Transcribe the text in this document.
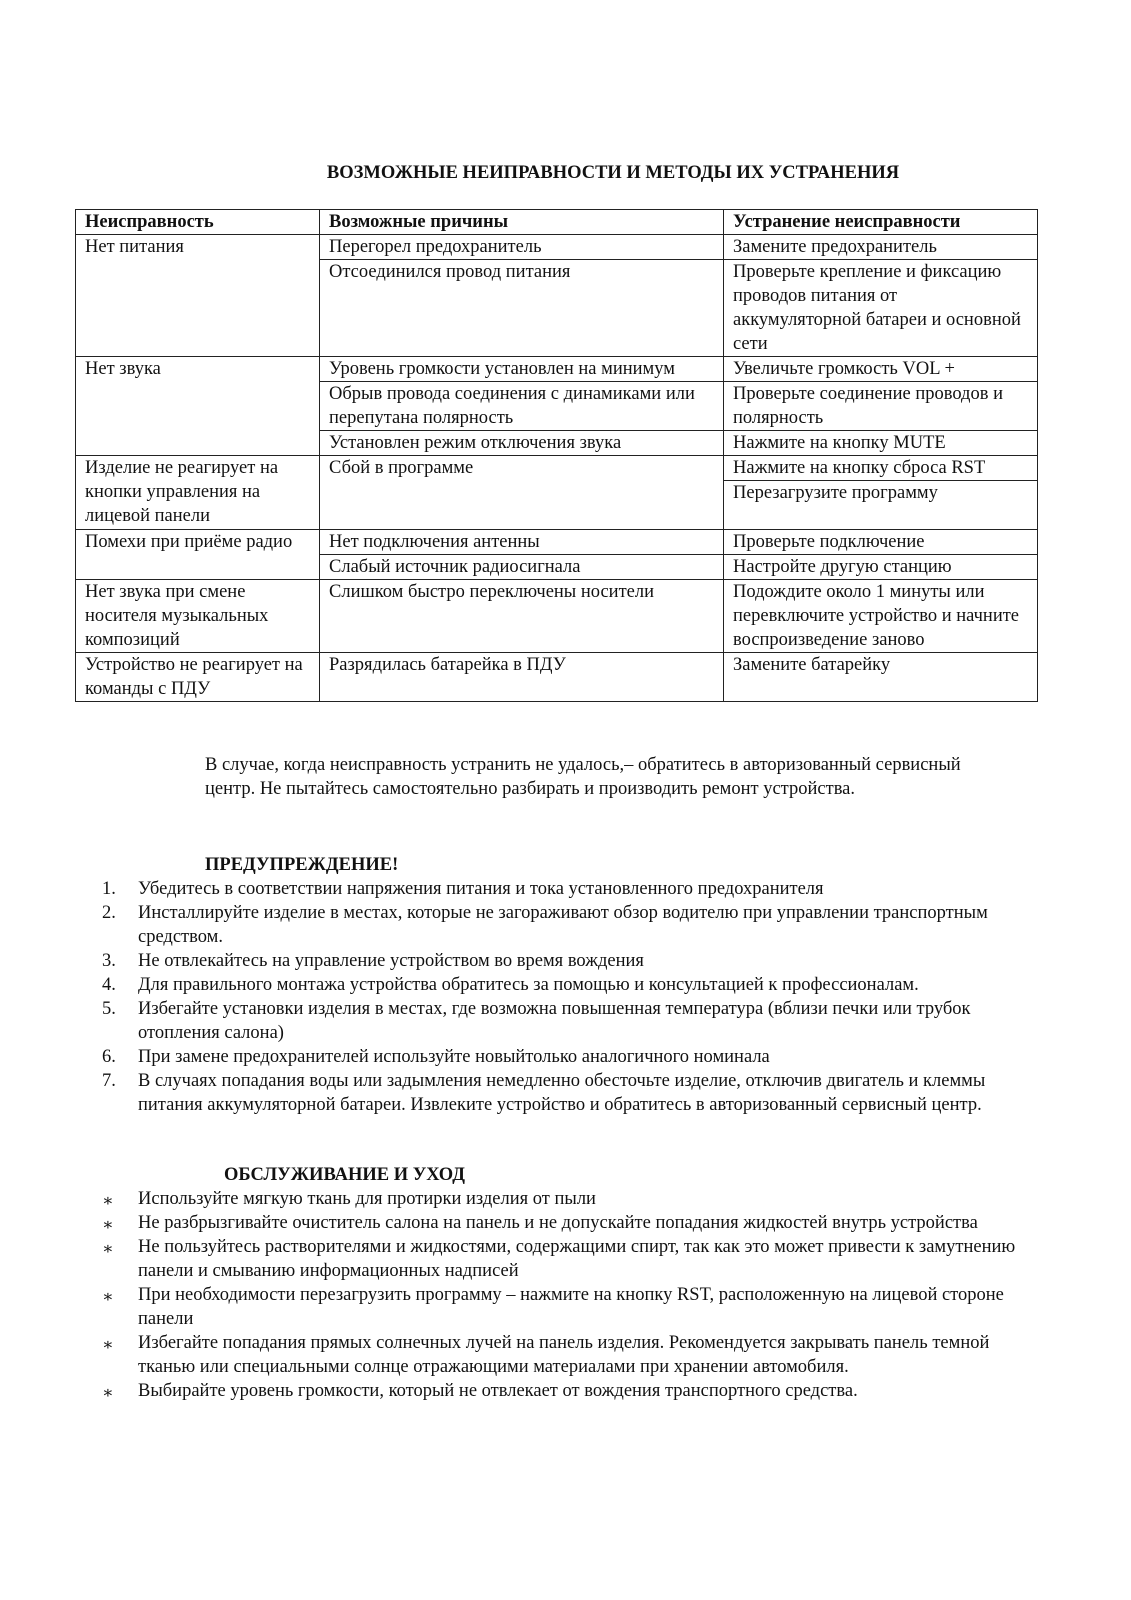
ВОЗМОЖНЫЕ НЕИПРАВНОСТИ И МЕТОДЫ ИХ УСТРАНЕНИЯ
Неисправность	Возможные причины	Устранение неисправности
Нет питания	Перегорел предохранитель	Замените предохранитель
	Отсоединился провод питания	Проверьте крепление и фиксацию проводов питания от аккумуляторной батареи и основной сети
Нет звука	Уровень громкости установлен на минимум	Увеличьте громкость VOL +
	Обрыв провода соединения с динамиками или перепутана полярность	Проверьте соединение проводов и полярность
	Установлен режим отключения звука	Нажмите на кнопку MUTE
Изделие не реагирует на кнопки управления на лицевой панели	Сбой в программе	Нажмите на кнопку сброса RST
		Перезагрузите программу
Помехи при приёме радио	Нет подключения антенны	Проверьте подключение
	Слабый источник радиосигнала	Настройте другую станцию
Нет звука при смене носителя музыкальных композиций	Слишком быстро переключены носители	Подождите около 1 минуты или перевключите устройство и начните воспроизведение заново
Устройство не реагирует на команды с ПДУ	Разрядилась батарейка в ПДУ	Замените батарейку
В случае, когда неисправность устранить не удалось,– обратитесь в авторизованный сервисный центр. Не пытайтесь самостоятельно разбирать и производить ремонт устройства.
ПРЕДУПРЕЖДЕНИЕ!
1. Убедитесь в соответствии напряжения питания и тока установленного предохранителя
2. Инсталлируйте изделие в местах, которые не загораживают обзор водителю при управлении транспортным средством.
3. Не отвлекайтесь на управление устройством во время вождения
4. Для правильного монтажа устройства обратитесь за помощью и консультацией к профессионалам.
5. Избегайте установки изделия в местах, где возможна повышенная температура (вблизи печки или трубок отопления салона)
6. При замене предохранителей используйте новыйтолько аналогичного номинала
7. В случаях попадания воды или задымления немедленно обесточьте изделие, отключив двигатель и клеммы питания аккумуляторной батареи. Извлеките устройство и обратитесь в авторизованный сервисный центр.
ОБСЛУЖИВАНИЕ И УХОД
∗ Используйте мягкую ткань для протирки изделия от пыли
∗ Не разбрызгивайте очиститель салона на панель и не допускайте попадания жидкостей внутрь устройства
∗ Не пользуйтесь растворителями и жидкостями, содержащими спирт, так как это может привести к замутнению панели и смыванию информационных надписей
∗ При необходимости перезагрузить программу – нажмите на кнопку RST, расположенную на лицевой стороне панели
∗ Избегайте попадания прямых солнечных лучей на панель изделия. Рекомендуется закрывать панель темной тканью или специальными солнце отражающими материалами при хранении автомобиля.
∗ Выбирайте уровень громкости, который не отвлекает от вождения транспортного средства.
